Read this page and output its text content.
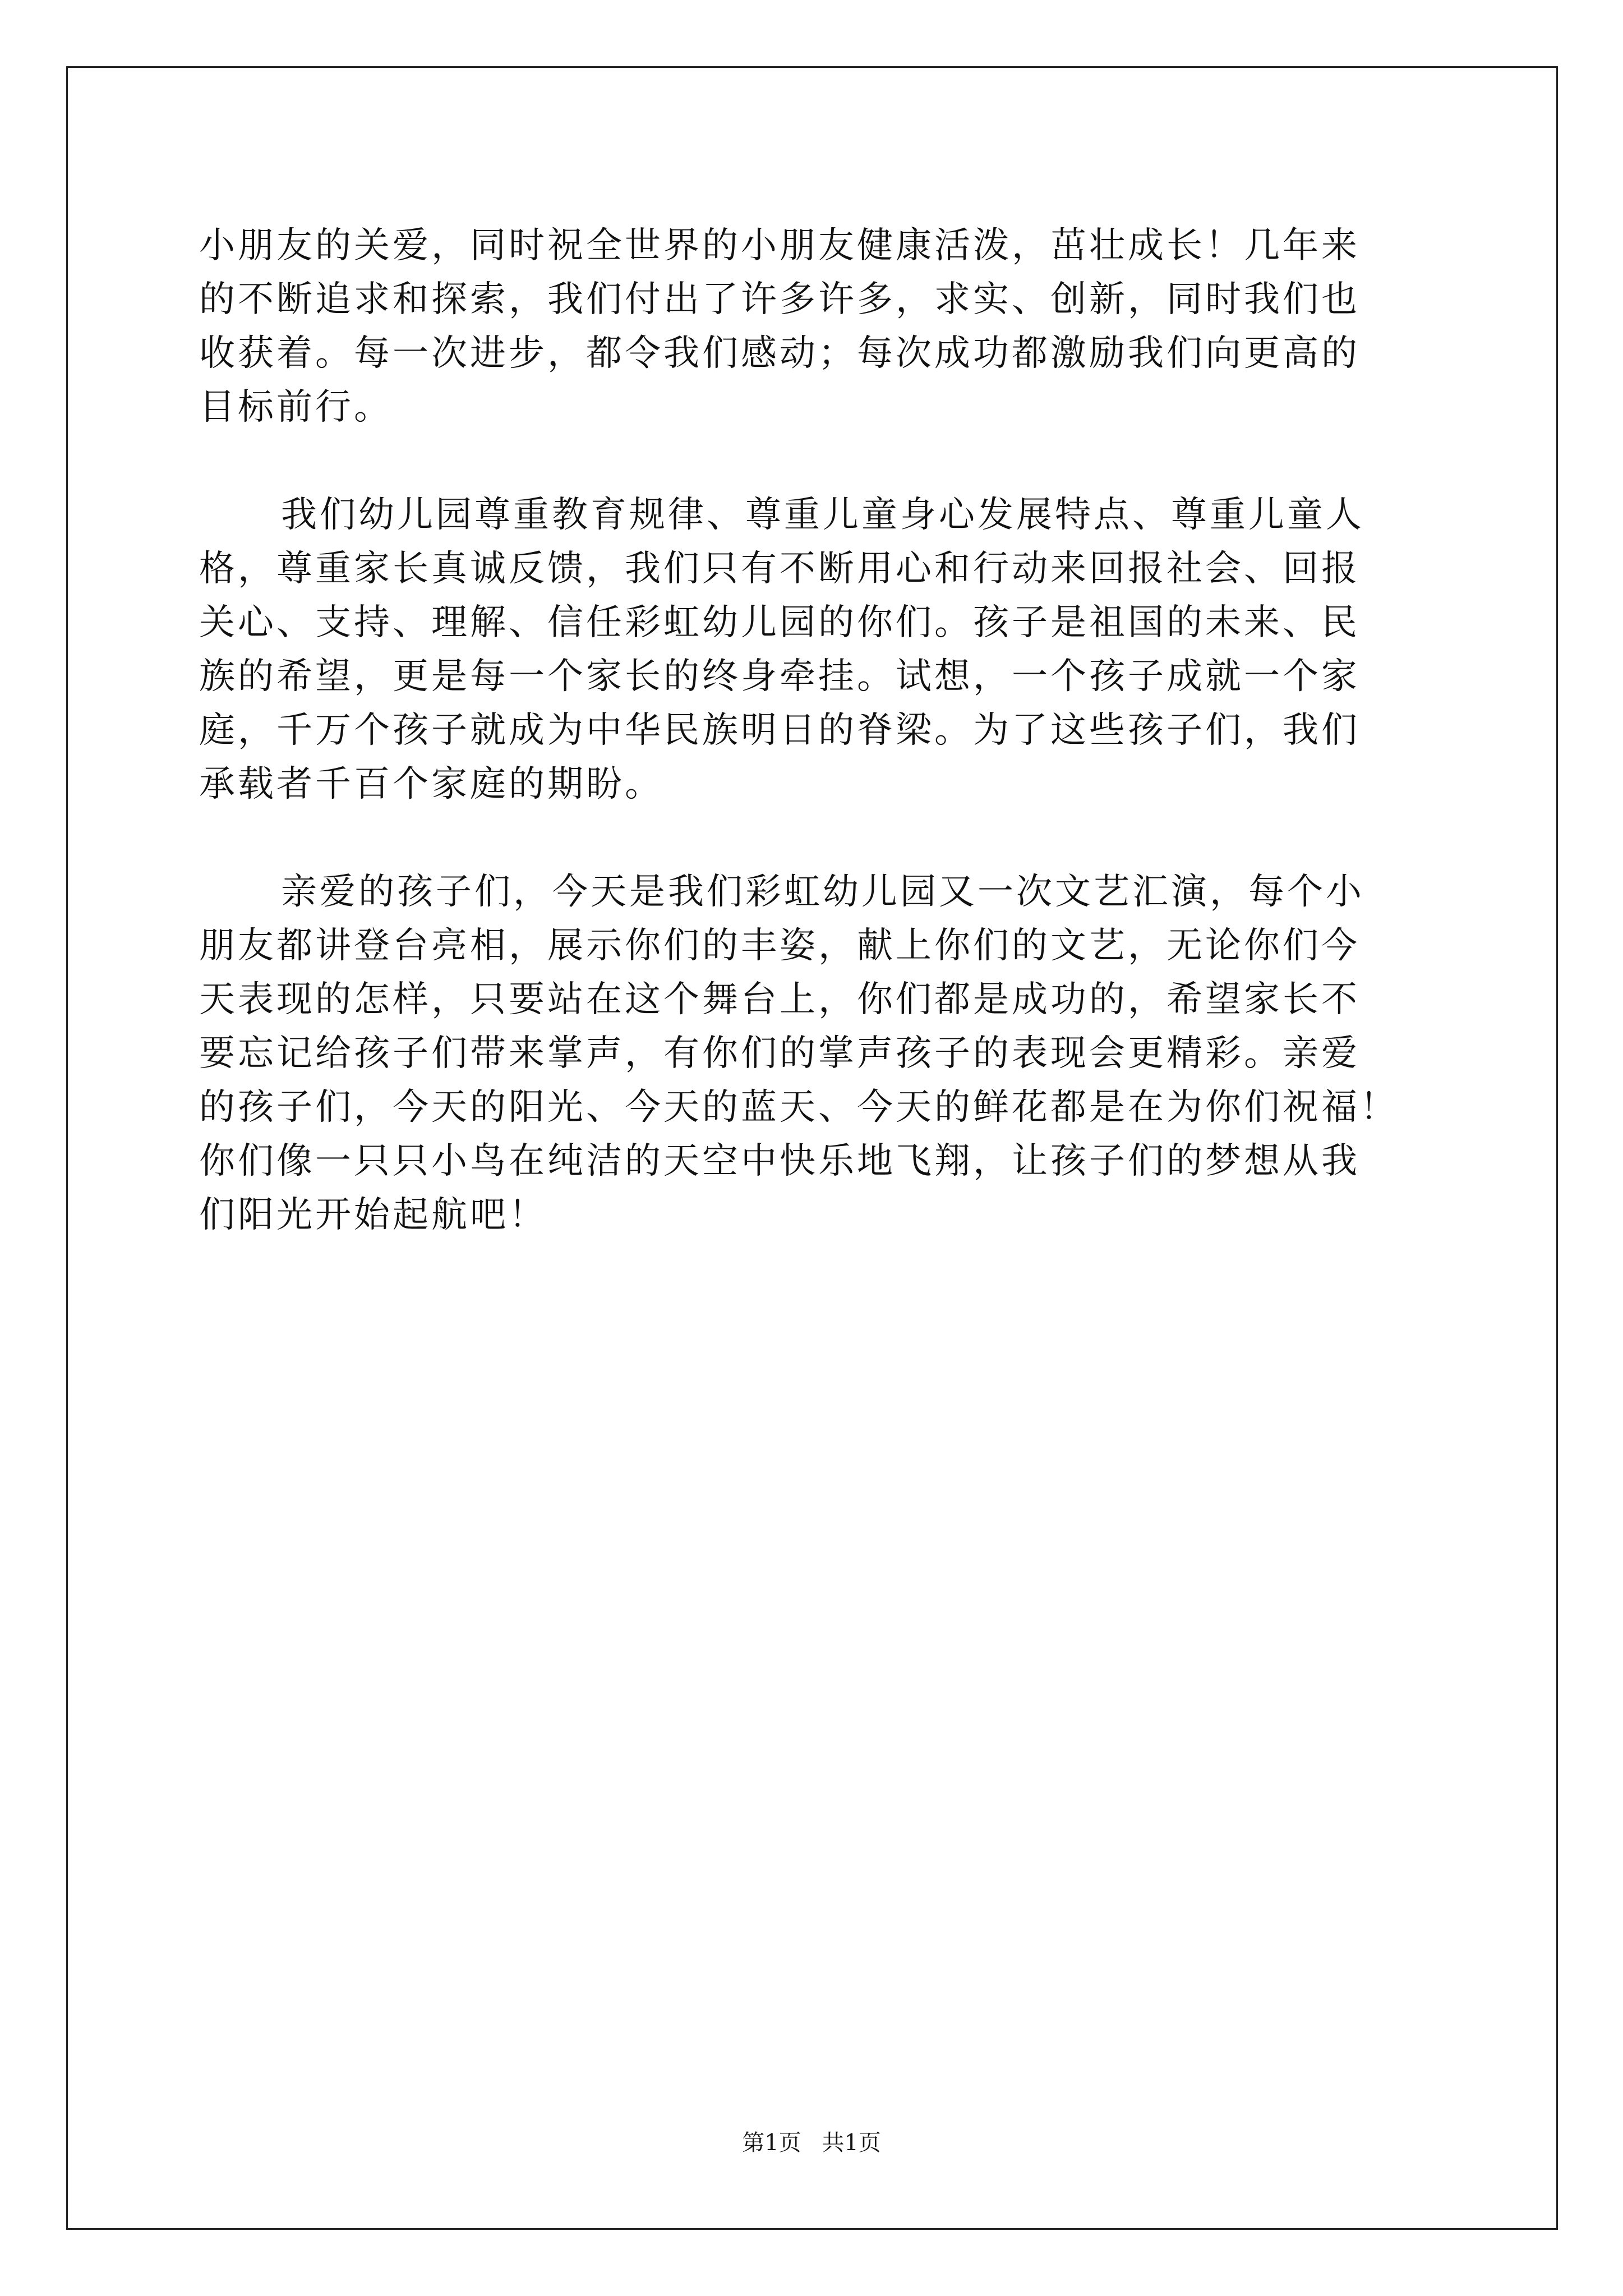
小朋友的关爱，同时祝全世界的小朋友健康活泼，茁壮成长！几年来

的不断追求和探索，我们付出了许多许多，求实、创新，同时我们也

收获着。每一次进步，都令我们感动；每次成功都激励我们向更高的

目标前行。

我们幼儿园尊重教育规律、尊重儿童身心发展特点、尊重儿童人

格，尊重家长真诚反馈，我们只有不断用心和行动来回报社会、回报

关心、支持、理解、信任彩虹幼儿园的你们。孩子是祖国的未来、民

族的希望，更是每一个家长的终身牵挂。试想，一个孩子成就一个家

庭，千万个孩子就成为中华民族明日的脊梁。为了这些孩子们，我们

承载者千百个家庭的期盼。

亲爱的孩子们，今天是我们彩虹幼儿园又一次文艺汇演，每个小

朋友都讲登台亮相，展示你们的丰姿，献上你们的文艺，无论你们今

天表现的怎样，只要站在这个舞台上，你们都是成功的，希望家长不

要忘记给孩子们带来掌声，有你们的掌声孩子的表现会更精彩。亲爱

的孩子们，今天的阳光、今天的蓝天、今天的鲜花都是在为你们祝福！

你们像一只只小鸟在纯洁的天空中快乐地飞翔，让孩子们的梦想从我

们阳光开始起航吧！

第1页 共1页
